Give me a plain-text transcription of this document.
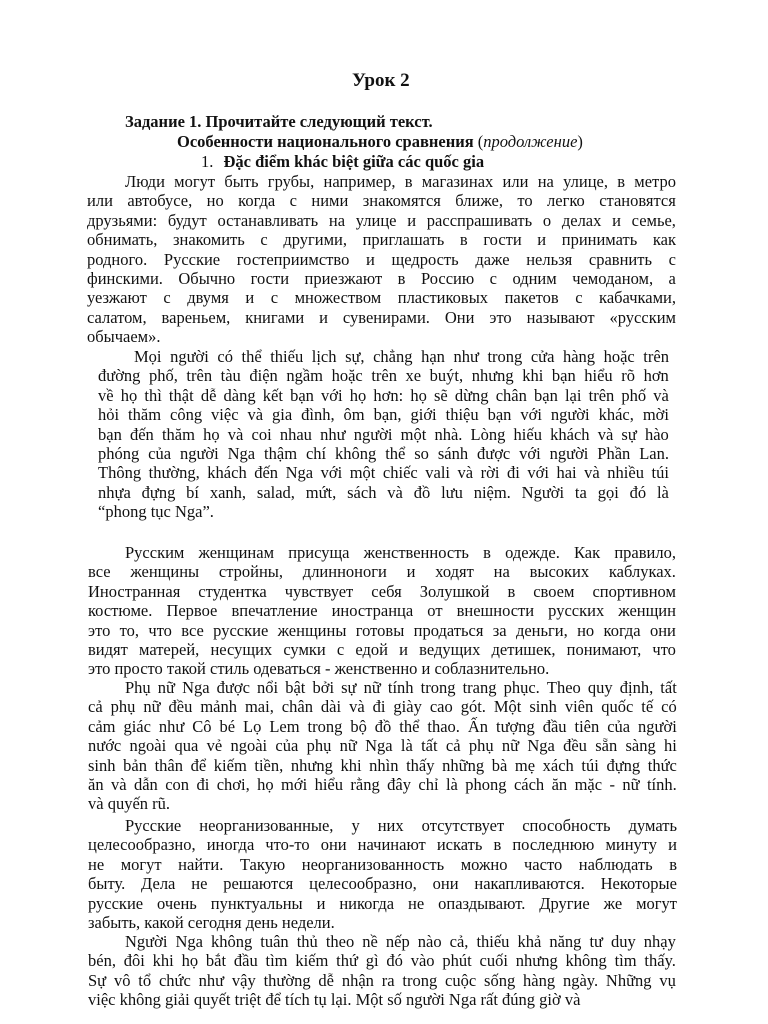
Урок 2
Задание 1. Прочитайте следующий текст.
Особенности национального сравнения (продолжение)
1. Đặc điểm khác biệt giữa các quốc gia
Люди могут быть грубы, например, в магазинах или на улице, в метро
или автобусе, но когда с ними знакомятся ближе, то легко становятся
друзьями: будут останавливать на улице и расспрашивать о делах и семье,
обнимать, знакомить с другими, приглашать в гости и принимать как
родного. Русские гостеприимство и щедрость даже нельзя сравнить с
финскими. Обычно гости приезжают в Россию с одним чемоданом, а
уезжают с двумя и с множеством пластиковых пакетов с кабачками,
салатом, вареньем, книгами и сувенирами. Они это называют «русским
обычаем».
Mọi người có thể thiếu lịch sự, chẳng hạn như trong cửa hàng hoặc trên
đường phố, trên tàu điện ngầm hoặc trên xe buýt, nhưng khi bạn hiểu rõ hơn
về họ thì thật dễ dàng kết bạn với họ hơn: họ sẽ dừng chân bạn lại trên phố và
hỏi thăm công việc và gia đình, ôm bạn, giới thiệu bạn với người khác, mời
bạn đến thăm họ và coi nhau như người một nhà. Lòng hiếu khách và sự hào
phóng của người Nga thậm chí không thể so sánh được với người Phần Lan.
Thông thường, khách đến Nga với một chiếc vali và rời đi với hai và nhiều túi
nhựa đựng bí xanh, salad, mứt, sách và đồ lưu niệm. Người ta gọi đó là
“phong tục Nga”.
Русским женщинам присуща женственность в одежде. Как правило,
все женщины стройны, длинноноги и ходят на высоких каблуках.
Иностранная студентка чувствует себя Золушкой в своем спортивном
костюме. Первое впечатление иностранца от внешности русских женщин
это то, что все русские женщины готовы продаться за деньги, но когда они
видят матерей, несущих сумки с едой и ведущих детишек, понимают, что
это просто такой стиль одеваться - женственно и соблазнительно.
Phụ nữ Nga được nổi bật bởi sự nữ tính trong trang phục. Theo quy định, tất
cả phụ nữ đều mảnh mai, chân dài và đi giày cao gót. Một sinh viên quốc tế có
cảm giác như Cô bé Lọ Lem trong bộ đồ thể thao. Ấn tượng đầu tiên của người
nước ngoài qua vẻ ngoài của phụ nữ Nga là tất cả phụ nữ Nga đều sẵn sàng hi
sinh bản thân để kiếm tiền, nhưng khi nhìn thấy những bà mẹ xách túi đựng thức
ăn và dẫn con đi chơi, họ mới hiểu rằng đây chỉ là phong cách ăn mặc - nữ tính.
và quyến rũ.
Русские неорганизованные, у них отсутствует способность думать
целесообразно, иногда что-то они начинают искать в последнюю минуту и
не могут найти. Такую неорганизованность можно часто наблюдать в
быту. Дела не решаются целесообразно, они накапливаются. Некоторые
русские очень пунктуальны и никогда не опаздывают. Другие же могут
забыть, какой сегодня день недели.
Người Nga không tuân thủ theo nề nếp nào cả, thiếu khả năng tư duy nhạy
bén, đôi khi họ bắt đầu tìm kiếm thứ gì đó vào phút cuối nhưng không tìm thấy.
Sự vô tổ chức như vậy thường dễ nhận ra trong cuộc sống hàng ngày. Những vụ
việc không giải quyết triệt để tích tụ lại. Một số người Nga rất đúng giờ và
